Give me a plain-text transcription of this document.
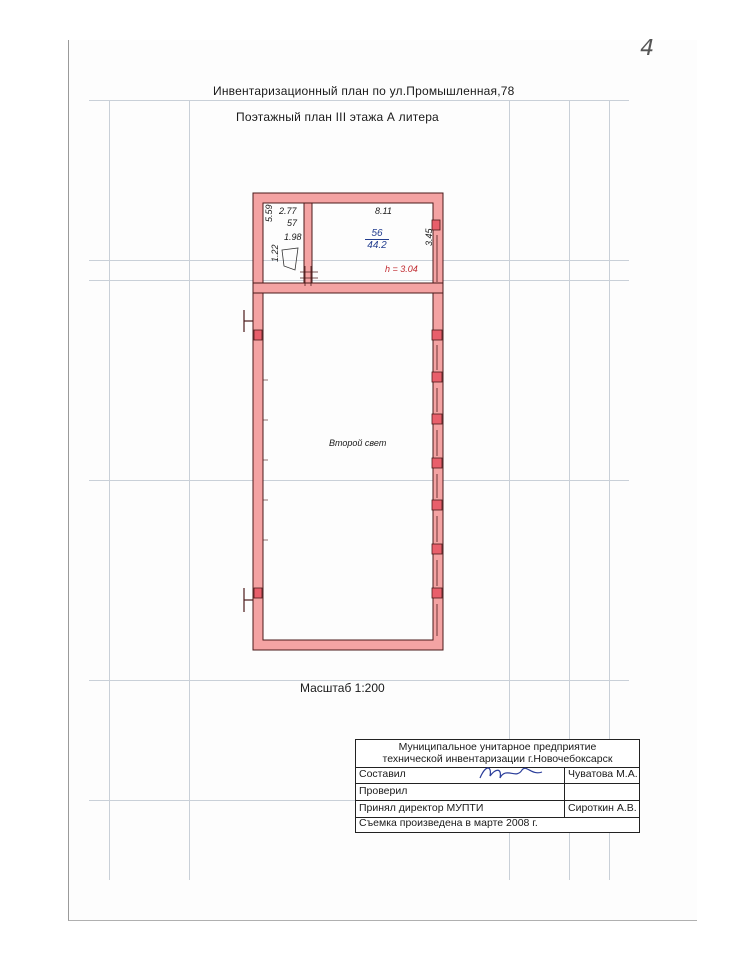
4
Инвентаризационный план по ул.Промышленная,78
Поэтажный план III этажа А литера
2.77
5.59
57
1.98
1.22
8.11
$\frac{56}{44.2}$	3.45
h = 3.04
Второй свет
Масштаб 1:200
Муниципальное унитарное предприятие
технической инвентаризации г.Новочебоксарск
Составил	Чуватова М.А.
Проверил
Принял директор МУПТИ	Сироткин А.В.
Съемка произведена в марте 2008 г.
